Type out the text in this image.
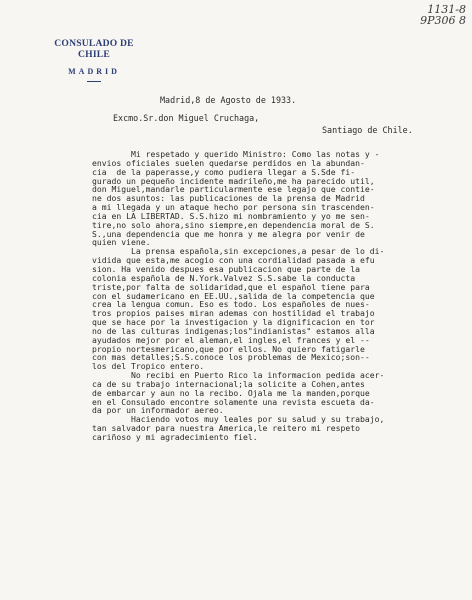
1131-8
9P306 8
CONSULADO DE CHILE
MADRID
Madrid,8 de Agosto de 1933.
Excmo.Sr.don Miguel Cruchaga,
Santiago de Chile.
Mi respetado y querido Ministro: Como las notas y -
envios oficiales suelen quedarse perdidos en la abundan-
cia  de la paperasse,y como pudiera llegar a S.Sde fi-
gurado un pequeño incidente madrileño,me ha parecido util,
don Miguel,mandarle particularmente ese legajo que contie-
ne dos asuntos: las publicaciones de la prensa de Madrid
a mi llegada y un ataque hecho por persona sin trascenden-
cia en LA LIBERTAD. S.S.hizo mi nombramiento y yo me sen-
tire,no solo ahora,sino siempre,en dependencia moral de S.
S.,una dependencia que me honra y me alegra por venir de
quien viene.
La prensa española,sin excepciones,a pesar de lo di-
vidida que esta,me acogio con una cordialidad pasada a efu
sion. Ha venido despues esa publicacion que parte de la
colonia española de N.York.Valvez S.S.sabe la conducta
triste,por falta de solidaridad,que el español tiene para
con el sudamericano en EE.UU.,salida de la competencia que
crea la lengua comun. Eso es todo. Los españoles de nues-
tros propios paises miran ademas con hostilidad el trabajo
que se hace por la investigacion y la dignificacion en tor
no de las culturas indigenas;los"indianistas" estamos alla
ayudados mejor por el aleman,el ingles,el frances y el --
propio nortesmericano,que por ellos. No quiero fatigarle
con mas detalles;S.S.conoce los problemas de Mexico;son--
los del Tropico entero.
No recibi en Puerto Rico la informacion pedida acer-
ca de su trabajo internacional;la solicite a Cohen,antes
de embarcar y aun no la recibo. Ojala me la manden,porque
en el Consulado encontre solamente una revista escueta da-
da por un informador aereo.
Haciendo votos muy leales por su salud y su trabajo,
tan salvador para nuestra America,le reitero mi respeto
cariñoso y mi agradecimiento fiel.
